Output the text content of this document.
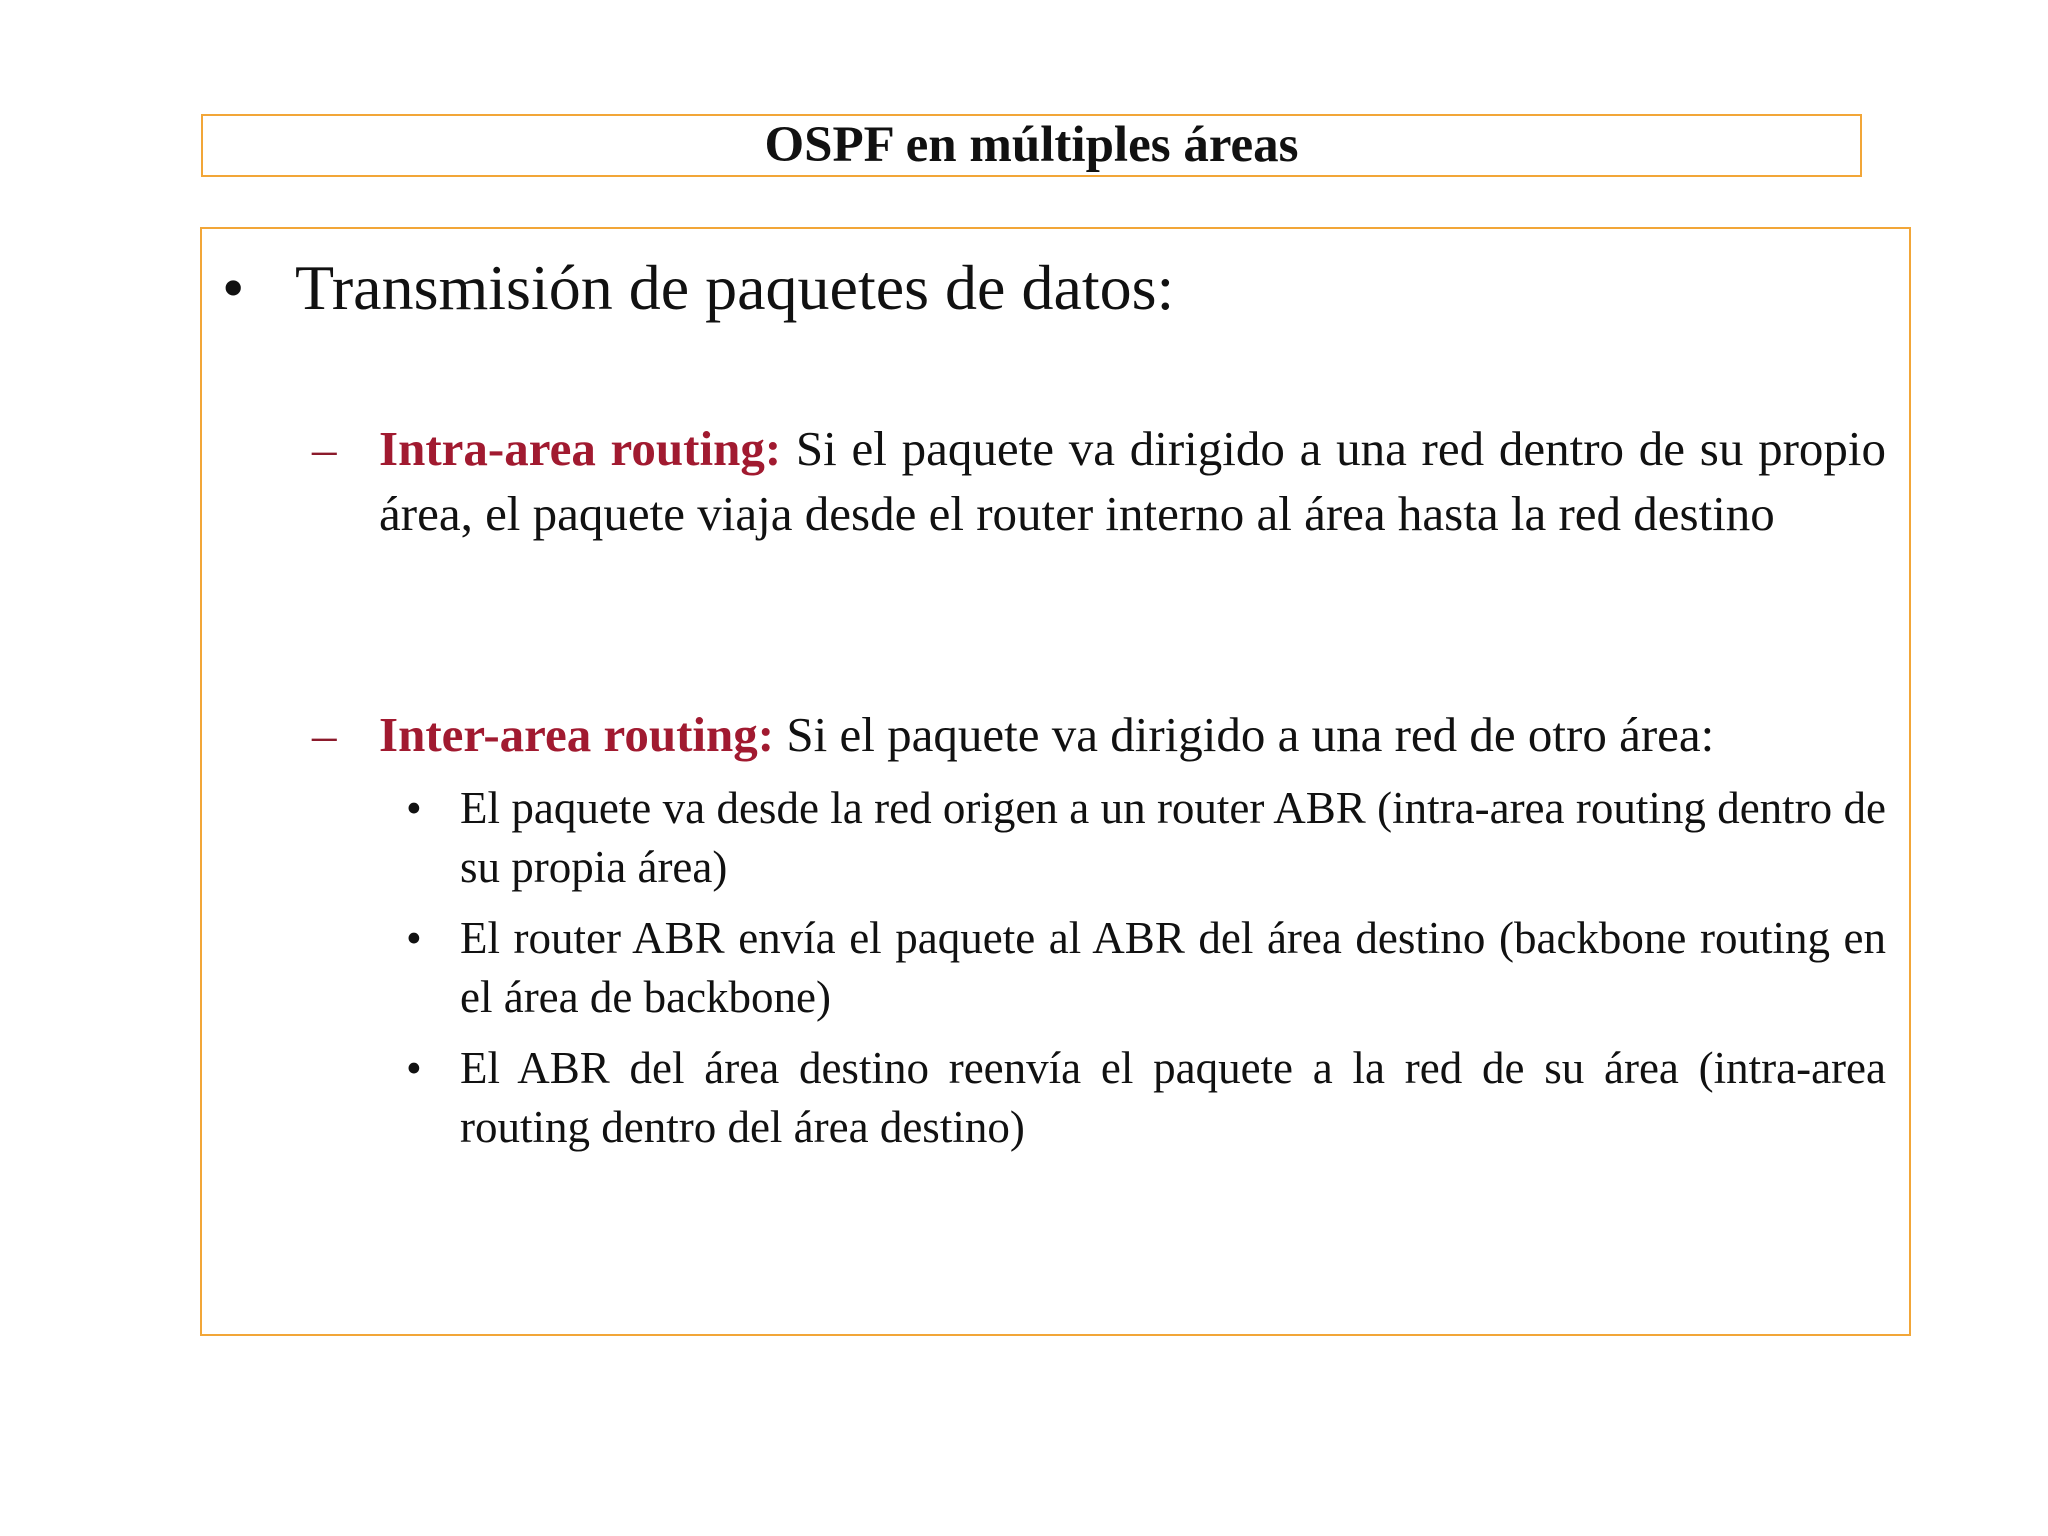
OSPF en múltiples áreas
• Transmisión de paquetes de datos:
– Intra-area routing: Si el paquete va dirigido a una red dentro de su propio área, el paquete viaja desde el router interno al área hasta la red destino
– Inter-area routing: Si el paquete va dirigido a una red de otro área:
• El paquete va desde la red origen a un router ABR (intra-area routing dentro de su propia área)
• El router ABR envía el paquete al ABR del área destino (backbone routing en el área de backbone)
• El ABR del área destino reenvía el paquete a la red de su área (intra-area routing dentro del área destino)
